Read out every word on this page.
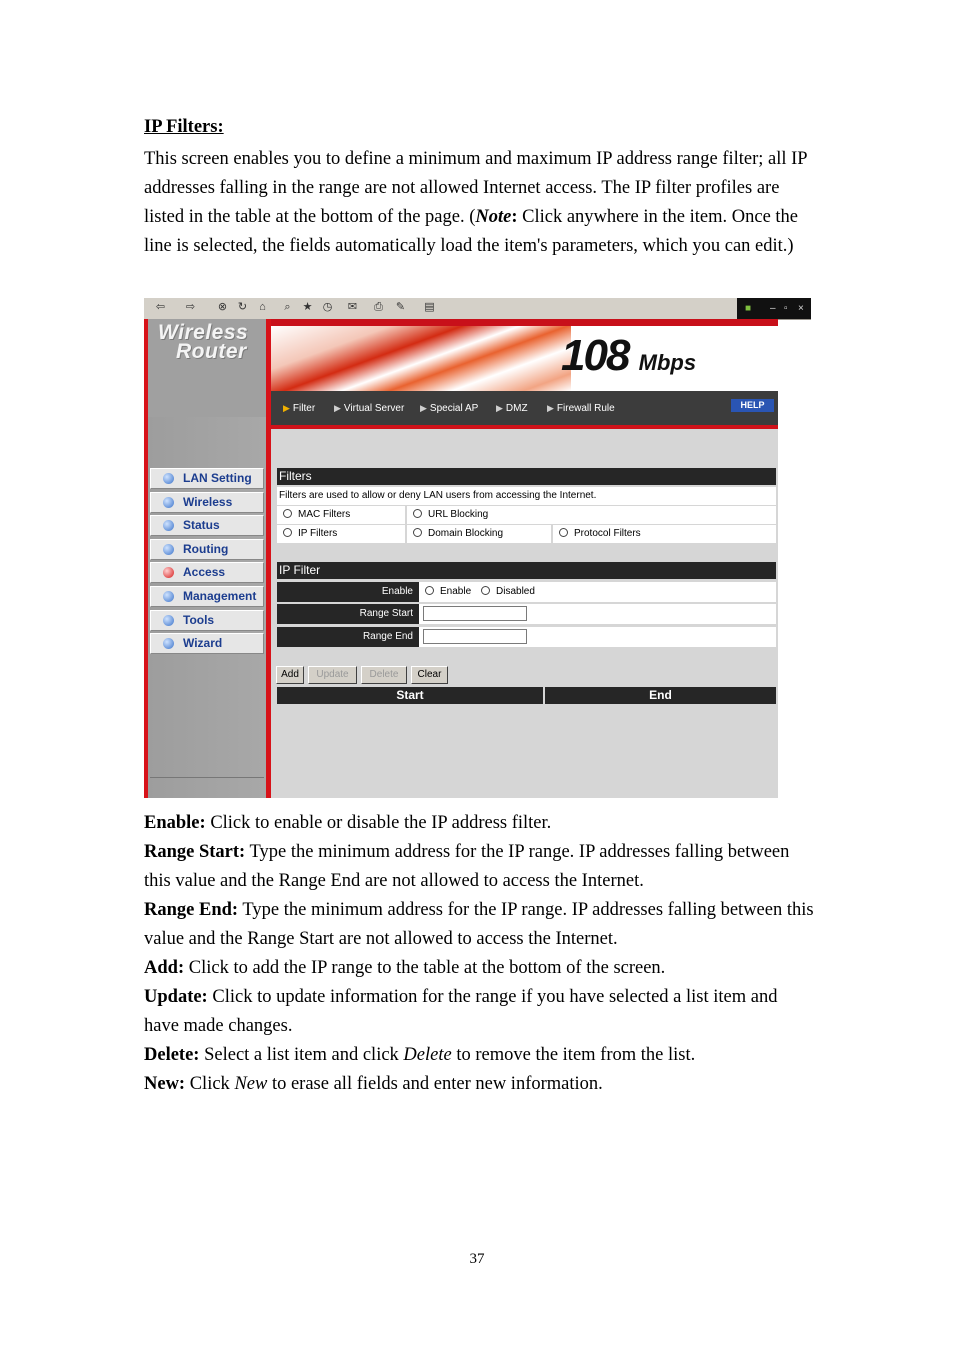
IP Filters:
This screen enables you to define a minimum and maximum IP address range filter; all IP addresses falling in the range are not allowed Internet access. The IP filter profiles are listed in the table at the bottom of the page. (Note: Click anywhere in the item. Once the line is selected, the fields automatically load the item's parameters, which you can edit.)
⇦ ⇨ ⊗ ↻ ⌂	⌕	★ ◷ ✉ ⎙ ✎ ▤	■ – ▫ ×
Wireless
Router
LAN Setting
Wireless
Status
Routing
Access
Management
Tools
Wizard
108 Mbps
▶ Filter ▶ Virtual Server ▶ Special AP ▶ DMZ ▶ Firewall Rule	HELP
Filters
Filters are used to allow or deny LAN users from accessing the Internet.
MAC Filters	URL Blocking
IP Filters	Domain Blocking	Protocol Filters
IP Filter
Enable	Enable	Disabled
Range Start
Range End
Add	Update	Delete	Clear
Start	End

Enable: Click to enable or disable the IP address filter.

Range Start: Type the minimum address for the IP range. IP addresses falling between this value and the Range End are not allowed to access the Internet.

Range End: Type the minimum address for the IP range. IP addresses falling between this value and the Range Start are not allowed to access the Internet.

Add: Click to add the IP range to the table at the bottom of the screen.

Update: Click to update information for the range if you have selected a list item and have made changes.

Delete: Select a list item and click Delete to remove the item from the list.

New: Click New to erase all fields and enter new information.

37
